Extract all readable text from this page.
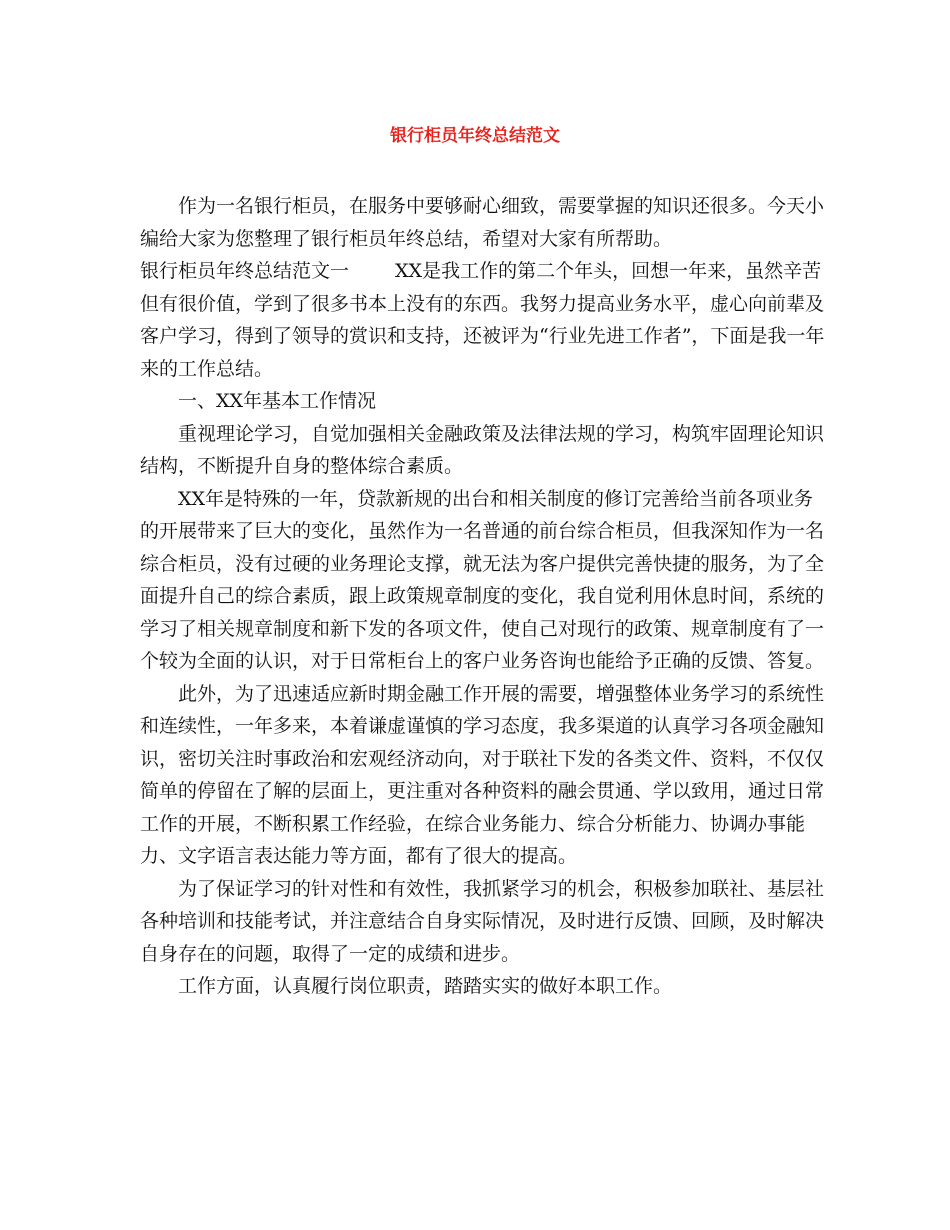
银行柜员年终总结范文

作为一名银行柜员，在服务中要够耐心细致，需要掌握的知识还很多。今天小编给大家为您整理了银行柜员年终总结，希望对大家有所帮助。

银行柜员年终总结范文一 XX是我工作的第二个年头，回想一年来，虽然辛苦但有很价值，学到了很多书本上没有的东西。我努力提高业务水平，虚心向前辈及客户学习，得到了领导的赏识和支持，还被评为“行业先进工作者”，下面是我一年来的工作总结。

一、XX年基本工作情况

重视理论学习，自觉加强相关金融政策及法律法规的学习，构筑牢固理论知识结构，不断提升自身的整体综合素质。

XX年是特殊的一年，贷款新规的出台和相关制度的修订完善给当前各项业务的开展带来了巨大的变化，虽然作为一名普通的前台综合柜员，但我深知作为一名综合柜员，没有过硬的业务理论支撑，就无法为客户提供完善快捷的服务，为了全面提升自己的综合素质，跟上政策规章制度的变化，我自觉利用休息时间，系统的学习了相关规章制度和新下发的各项文件，使自己对现行的政策、规章制度有了一个较为全面的认识，对于日常柜台上的客户业务咨询也能给予正确的反馈、答复。

此外，为了迅速适应新时期金融工作开展的需要，增强整体业务学习的系统性和连续性，一年多来，本着谦虚谨慎的学习态度，我多渠道的认真学习各项金融知识，密切关注时事政治和宏观经济动向，对于联社下发的各类文件、资料，不仅仅简单的停留在了解的层面上，更注重对各种资料的融会贯通、学以致用，通过日常工作的开展，不断积累工作经验，在综合业务能力、综合分析能力、协调办事能力、文字语言表达能力等方面，都有了很大的提高。

为了保证学习的针对性和有效性，我抓紧学习的机会，积极参加联社、基层社各种培训和技能考试，并注意结合自身实际情况，及时进行反馈、回顾，及时解决自身存在的问题，取得了一定的成绩和进步。

工作方面，认真履行岗位职责，踏踏实实的做好本职工作。
